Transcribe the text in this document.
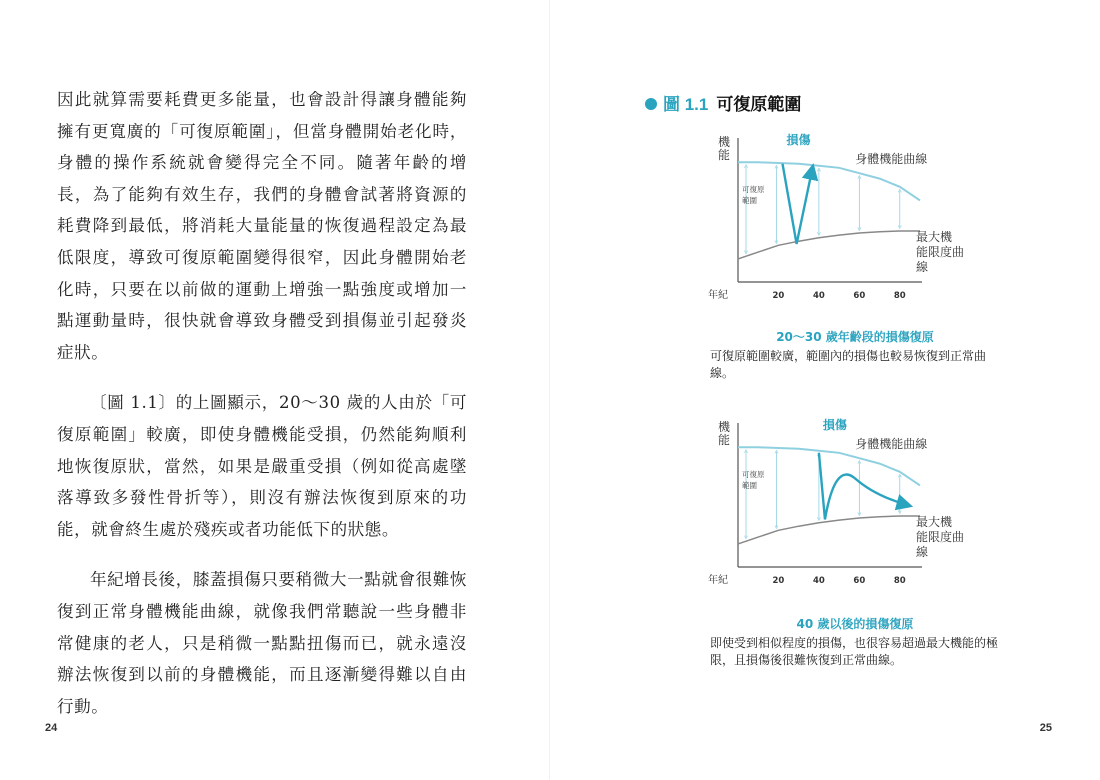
因此就算需要耗費更多能量，也會設計得讓身體能夠擁有更寬廣的「可復原範圍」，但當身體開始老化時，身體的操作系統就會變得完全不同。隨著年齡的增長，為了能夠有效生存，我們的身體會試著將資源的耗費降到最低，將消耗大量能量的恢復過程設定為最低限度，導致可復原範圍變得很窄，因此身體開始老化時，只要在以前做的運動上增強一點強度或增加一點運動量時，很快就會導致身體受到損傷並引起發炎症狀。

〔圖 1.1〕的上圖顯示，20～30 歲的人由於「可復原範圍」較廣，即使身體機能受損，仍然能夠順利地恢復原狀，當然，如果是嚴重受損（例如從高處墜落導致多發性骨折等），則沒有辦法恢復到原來的功能，就會終生處於殘疾或者功能低下的狀態。

年紀增長後，膝蓋損傷只要稍微大一點就會很難恢復到正常身體機能曲線，就像我們常聽說一些身體非常健康的老人，只是稍微一點點扭傷而已，就永遠沒辦法恢復到以前的身體機能，而且逐漸變得難以自由行動。

24
圖 1.1 可復原範圍
機
能
年紀	20	40	60	80
損傷
可復原
範圍
身體機能曲線
最大機
能限度曲
線
20～30 歲年齡段的損傷復原
可復原範圍較廣，範圍內的損傷也較易恢復到正常曲線。
機
能
年紀	20	40	60	80
損傷
可復原
範圍
身體機能曲線
最大機
能限度曲
線
40 歲以後的損傷復原
即使受到相似程度的損傷，也很容易超過最大機能的極限，且損傷後很難恢復到正常曲線。
25
